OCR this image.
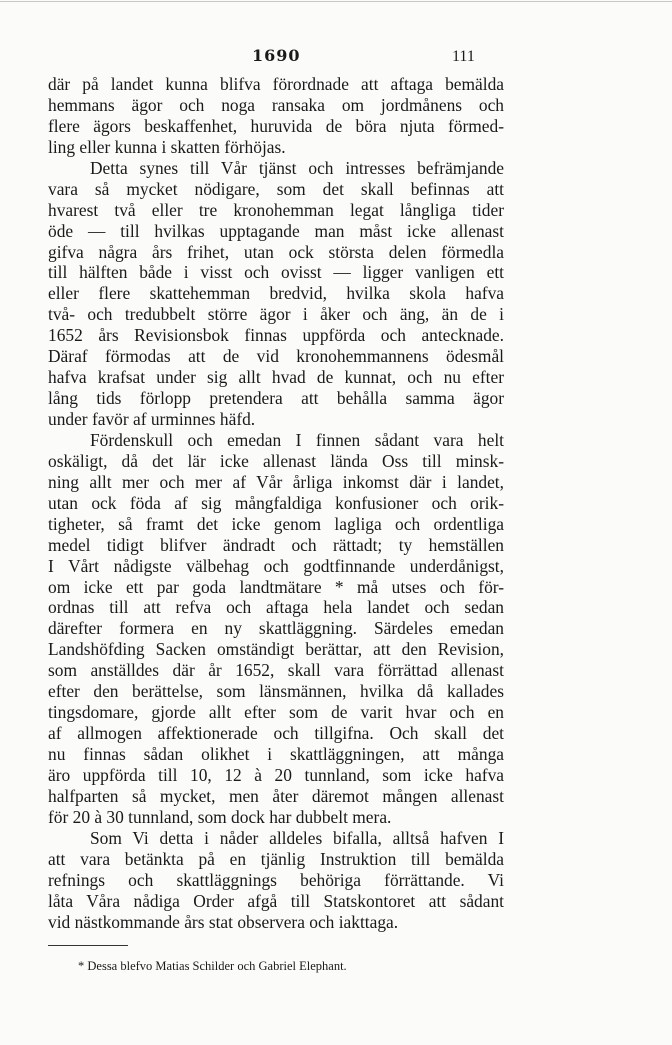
1690	111
där på landet kunna blifva förordnade att aftaga bemälda
hemmans ägor och noga ransaka om jordmånens och
flere ägors beskaffenhet, huruvida de böra njuta förmed-
ling eller kunna i skatten förhöjas.
Detta synes till Vår tjänst och intresses befrämjande
vara så mycket nödigare, som det skall befinnas att
hvarest två eller tre kronohemman legat långliga tider
öde — till hvilkas upptagande man måst icke allenast
gifva några års frihet, utan ock största delen förmedla
till hälften både i visst och ovisst — ligger vanligen ett
eller flere skattehemman bredvid, hvilka skola hafva
två- och tredubbelt större ägor i åker och äng, än de i
1652 års Revisionsbok finnas uppförda och antecknade.
Däraf förmodas att de vid kronohemmannens ödesmål
hafva krafsat under sig allt hvad de kunnat, och nu efter
lång tids förlopp pretendera att behålla samma ägor
under favör af urminnes häfd.
Fördenskull och emedan I finnen sådant vara helt
oskäligt, då det lär icke allenast lända Oss till minsk-
ning allt mer och mer af Vår årliga inkomst där i landet,
utan ock föda af sig mångfaldiga konfusioner och orik-
tigheter, så framt det icke genom lagliga och ordentliga
medel tidigt blifver ändradt och rättadt; ty hemställen
I Vårt nådigste välbehag och godtfinnande underdånigst,
om icke ett par goda landtmätare * må utses och för-
ordnas till att refva och aftaga hela landet och sedan
därefter formera en ny skattläggning. Särdeles emedan
Landshöfding Sacken omständigt berättar, att den Revision,
som anställdes där år 1652, skall vara förrättad allenast
efter den berättelse, som länsmännen, hvilka då kallades
tingsdomare, gjorde allt efter som de varit hvar och en
af allmogen affektionerade och tillgifna. Och skall det
nu finnas sådan olikhet i skattläggningen, att många
äro uppförda till 10, 12 à 20 tunnland, som icke hafva
halfparten så mycket, men åter däremot mången allenast
för 20 à 30 tunnland, som dock har dubbelt mera.
Som Vi detta i nåder alldeles bifalla, alltså hafven I
att vara betänkta på en tjänlig Instruktion till bemälda
refnings och skattläggnings behöriga förrättande. Vi
låta Våra nådiga Order afgå till Statskontoret att sådant
vid nästkommande års stat observera och iakttaga.
* Dessa blefvo Matias Schilder och Gabriel Elephant.
